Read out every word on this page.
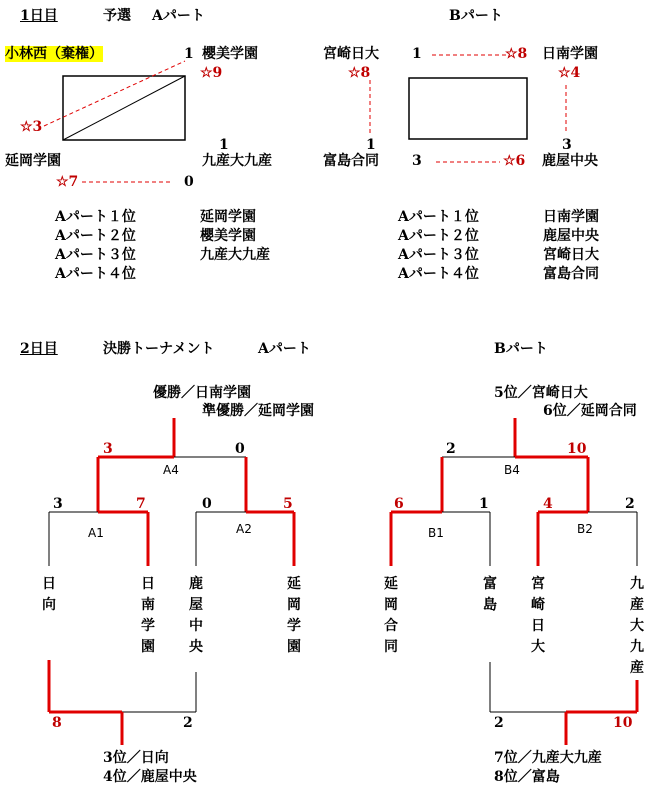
1日目	予選 Aパート	Bパート
小林西（棄権）	1 櫻美学園
☆9
☆3
1
延岡学園	九産大九産
☆7	0
Aパート１位	延岡学園
Aパート２位	櫻美学園
Aパート３位	九産大九産
Aパート４位
宮崎日大 1	☆8 日南学園
☆8	☆4
1	3
富島合同 3	☆6 鹿屋中央
Aパート１位	日南学園
Aパート２位	鹿屋中央
Aパート３位	宮崎日大
Aパート４位	富島合同
2日目	決勝トーナメント	Aパート	Bパート
優勝／日南学園
準優勝／延岡学園
3	0
A4
3	7	0	5
A1	A2
日向
日南学園
鹿屋中央
延岡学園
8	2
3位／日向
4位／鹿屋中央
5位／宮崎日大
6位／延岡合同
2	10
B4
6	1	4	2
B1	B2
延岡合同
富島
宮崎日大
九産大九産
2	10
7位／九産大九産
8位／富島
